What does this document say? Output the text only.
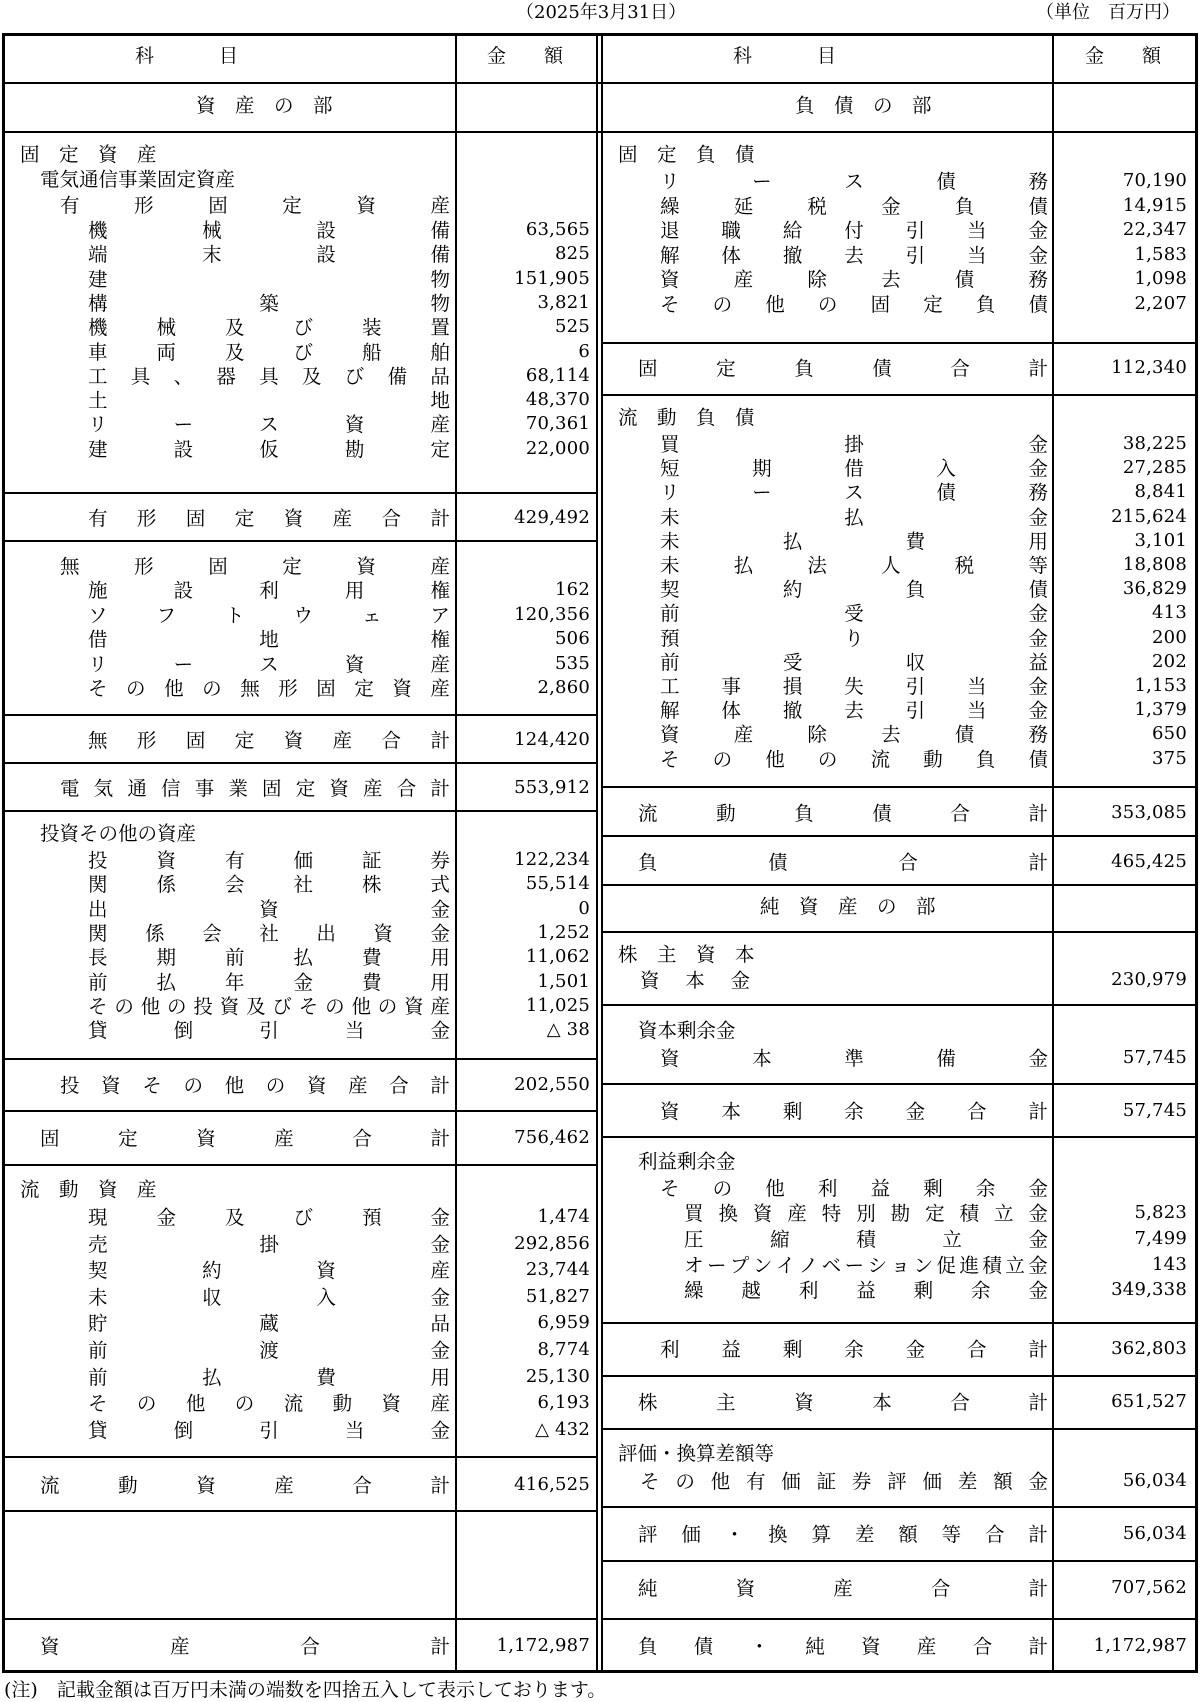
（2025年3月31日）	（単位　百万円）
科　　　目	金　　額	科　　　目	金　　額
資　産　の　部	負　債　の　部
(注)　記載金額は百万円未満の端数を四捨五入して表示しております。
固　定　資　産
電気通信事業固定資産
有
　	形
　	固
　	定
　	資
　	産
機	械	設	備	63,565
端	末	設	備	825
建	物	151,905
構	築	物	3,821
機	械	及	び	装	置	525
車	両	及	び	船	舶	6
工 具 、 器 具 及 び 備 品	68,114
土	地	48,370
リ	ー	ス	資	産	70,361
建	設	仮	勘	定	22,000
有 形 固 定 資 産 合 計	429,492
無	形	固	定	資	産
施	設	利	用	権	162
ソ	フ	ト	ウ	ェ	ア	120,356
借	地	権	506
リ	ー	ス	資	産	535
そ の 他 の 無 形 固 定 資 産	2,860
無 形 固 定 資 産 合 計	124,420
電 気 通 信 事 業 固 定 資 産 合 計	553,912
投資その他の資産
投	資	有	価	証	券	122,234
関	係	会	社	株	式	55,514
出	資	金	0
関 係 会 社 出 資 金	1,252
長	期	前	払	費	用	11,062
前	払	年	金	費	用	1,501
そ の 他 の 投 資 及 び そ の 他 の 資 産	11,025
貸	倒	引	当	金	△ 38
投 資 そ の 他 の 資 産 合 計	202,550
固	定	資	産	合	計	756,462
流　動　資　産
現	金	及	び	預	金	1,474
売	掛	金	292,856
契	約	資	産	23,744
未	収	入	金	51,827
貯	蔵	品	6,959
前	渡	金	8,774
前	払	費	用	25,130
そ の 他 の 流 動 資 産	6,193
貸	倒	引	当	金	△ 432
流	動	資	産	合	計	416,525
資	産	合	計	1,172,987
固　定　負　債
リ	ー	ス	債	務	70,190
繰	延	税	金	負	債	14,915
退 職 給 付 引 当 金	22,347
解 体 撤 去 引 当 金	1,583
資	産	除	去	債	務	1,098
そ の 他 の 固 定 負 債	2,207
固	定	負	債	合	計	112,340
流　動　負　債
買	掛	金	38,225
短	期	借	入	金	27,285
リ	ー	ス	債	務	8,841
未	払	金	215,624
未	払	費	用	3,101
未	払	法	人	税	等	18,808
契	約	負	債	36,829
前	受	金	413
預	り	金	200
前	受	収	益	202
工 事 損 失 引 当 金	1,153
解 体 撤 去 引 当 金	1,379
資	産	除	去	債	務	650
そ の 他 の 流 動 負 債	375
流	動	負	債	合	計	353,085
負	債	合	計	465,425
純　資　産　の　部
株　主　資　本
資 本 金	230,979
資本剰余金
資	本	準	備	金	57,745
資 本 剰 余 金 合 計	57,745
利益剰余金
そ の 他 利 益 剰 余 金
買 換 資 産 特 別 勘 定 積 立 金	5,823
圧	縮	積	立	金	7,499
オ ー プ ン イ ノ ベ ー シ ョ ン 促 進 積 立 金	143
繰 越 利 益 剰 余 金	349,338
利 益 剰 余 金 合 計	362,803
株	主	資	本	合	計	651,527
評価・換算差額等
そ の 他 有 価 証 券 評 価 差 額 金	56,034
評 価 ・ 換 算 差 額 等 合 計	56,034
純	資	産	合	計	707,562
負 債 ・ 純 資 産 合 計	1,172,987
